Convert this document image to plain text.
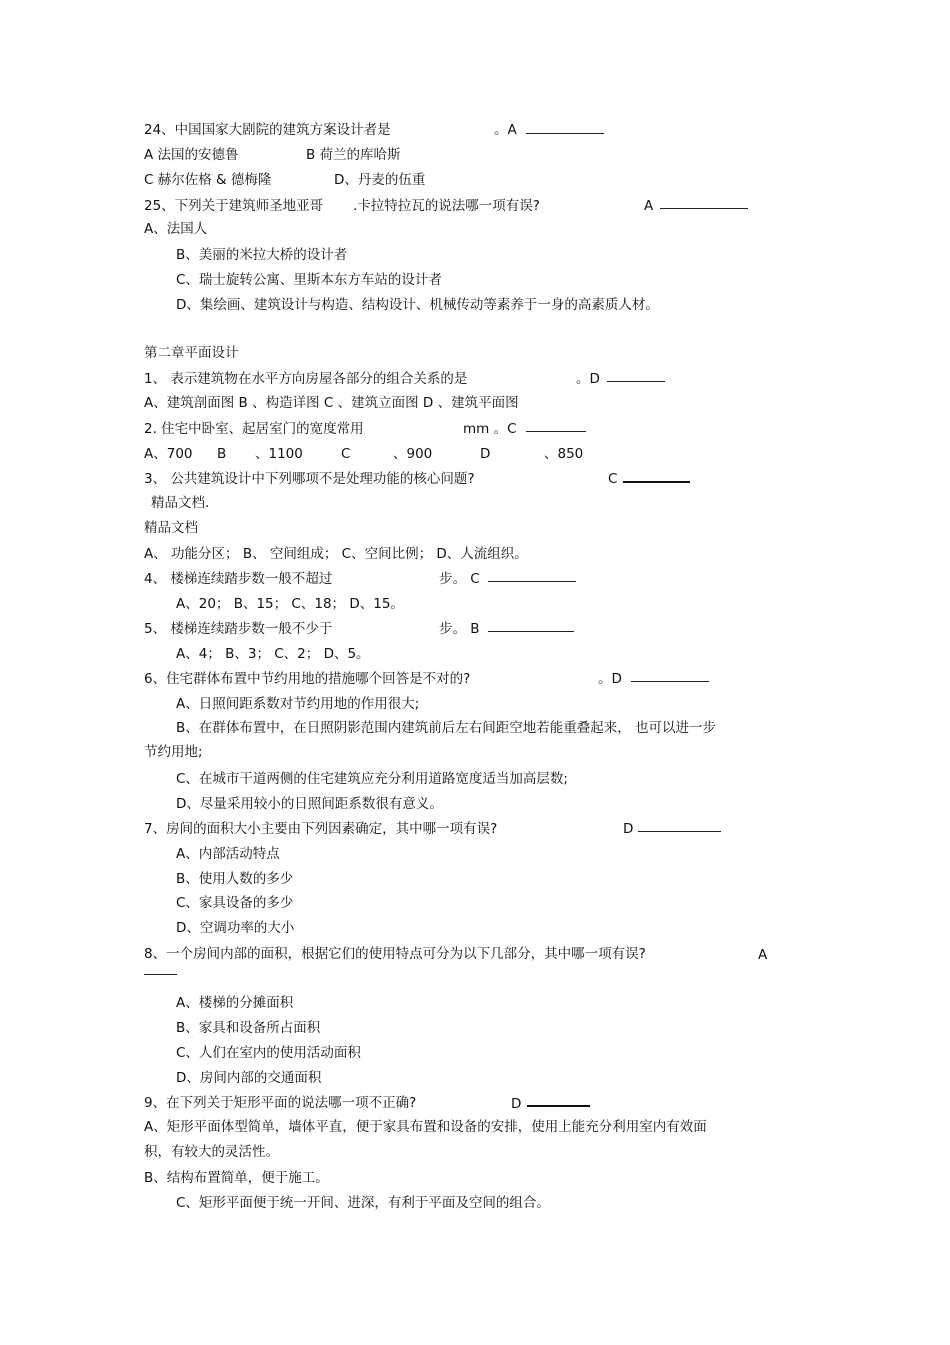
24、中国国家大剧院的建筑方案设计者是	。A
A 法国的安德鲁	B 荷兰的库哈斯
C 赫尔佐格 & 德梅隆	D、丹麦的伍重
25、下列关于建筑师圣地亚哥 .卡拉特拉瓦的说法哪一项有误?	A
A、法国人
B、美丽的米拉大桥的设计者
C、瑞士旋转公寓、里斯本东方车站的设计者
D、集绘画、建筑设计与构造、结构设计、机械传动等素养于一身的高素质人材。
第二章平面设计
1、 表示建筑物在水平方向房屋各部分的组合关系的是	。D
A、建筑剖面图 B 、构造详图 C 、建筑立面图 D 、建筑平面图
2. 住宅中卧室、起居室门的宽度常用	mm 。C
A、700 B 、1100	C	、900	D	、850
3、 公共建筑设计中下列哪项不是处理功能的核心问题?	C
精品文档.
精品文档
A、 功能分区； B、 空间组成； C、空间比例； D、人流组织。
4、 楼梯连续踏步数一般不超过	步。 C
A、20； B、15； C、18； D、15。
5、 楼梯连续踏步数一般不少于	步。 B
A、4； B、3； C、2； D、5。
6、住宅群体布置中节约用地的措施哪个回答是不对的?	。D
A、日照间距系数对节约用地的作用很大;
B、在群体布置中，在日照阴影范围内建筑前后左右间距空地若能重叠起来， 也可以进一步
节约用地;
C、在城市干道两侧的住宅建筑应充分利用道路宽度适当加高层数;
D、尽量采用较小的日照间距系数很有意义。
7、房间的面积大小主要由下列因素确定，其中哪一项有误?	D
A、内部活动特点
B、使用人数的多少
C、家具设备的多少
D、空调功率的大小
8、一个房间内部的面积，根据它们的使用特点可分为以下几部分，其中哪一项有误?	A
A、楼梯的分摊面积
B、家具和设备所占面积
C、人们在室内的使用活动面积
D、房间内部的交通面积
9、在下列关于矩形平面的说法哪一项不正确?	D
A、矩形平面体型简单，墙体平直，便于家具布置和设备的安排，使用上能充分利用室内有效面
积，有较大的灵活性。
B、结构布置简单，便于施工。
C、矩形平面便于统一开间、进深，有利于平面及空间的组合。
